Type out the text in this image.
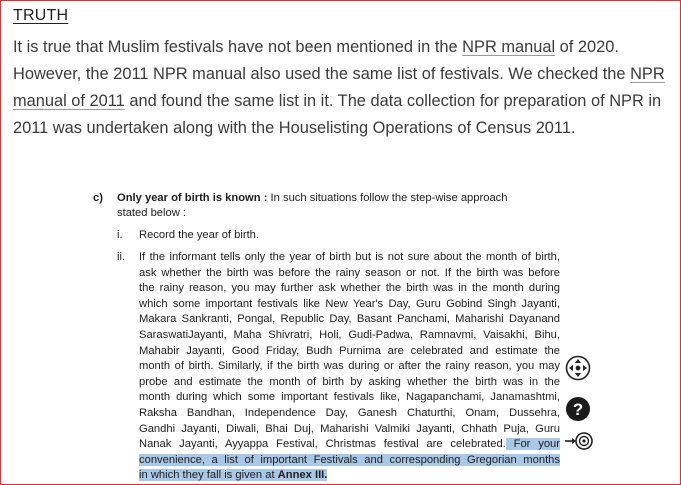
TRUTH
It is true that Muslim festivals have not been mentioned in the NPR manual of 2020. However, the 2011 NPR manual also used the same list of festivals. We checked the NPR manual of 2011 and found the same list in it. The data collection for preparation of NPR in 2011 was undertaken along with the Houselisting Operations of Census 2011.
c) Only year of birth is known : In such situations follow the step-wise approach
stated below :
i. Record the year of birth.
ii. If the informant tells only the year of birth but is not sure about the month of birth,
ask whether the birth was before the rainy season or not. If the birth was before
the rainy reason, you may further ask whether the birth was in the month during
which some important festivals like New Year's Day, Guru Gobind Singh Jayanti,
Makara Sankranti, Pongal, Republic Day, Basant Panchami, Maharishi Dayanand
SaraswatiJayanti, Maha Shivratri, Holi, Gudi-Padwa, Ramnavmi, Vaisakhi, Bihu,
Mahabir Jayanti, Good Friday, Budh Purnima are celebrated and estimate the
month of birth. Similarly, if the birth was during or after the rainy reason, you may
probe and estimate the month of birth by asking whether the birth was in the
month during which some important festivals like, Nagapanchami, Janamashtmi,
Raksha Bandhan, Independence Day, Ganesh Chaturthi, Onam, Dussehra,
Gandhi Jayanti, Diwali, Bhai Duj, Maharishi Valmiki Jayanti, Chhath Puja, Guru
Nanak Jayanti, Ayyappa Festival, Christmas festival are celebrated. For your
convenience, a list of important Festivals and corresponding Gregorian months
in which they fall is given at Annex III.
?
